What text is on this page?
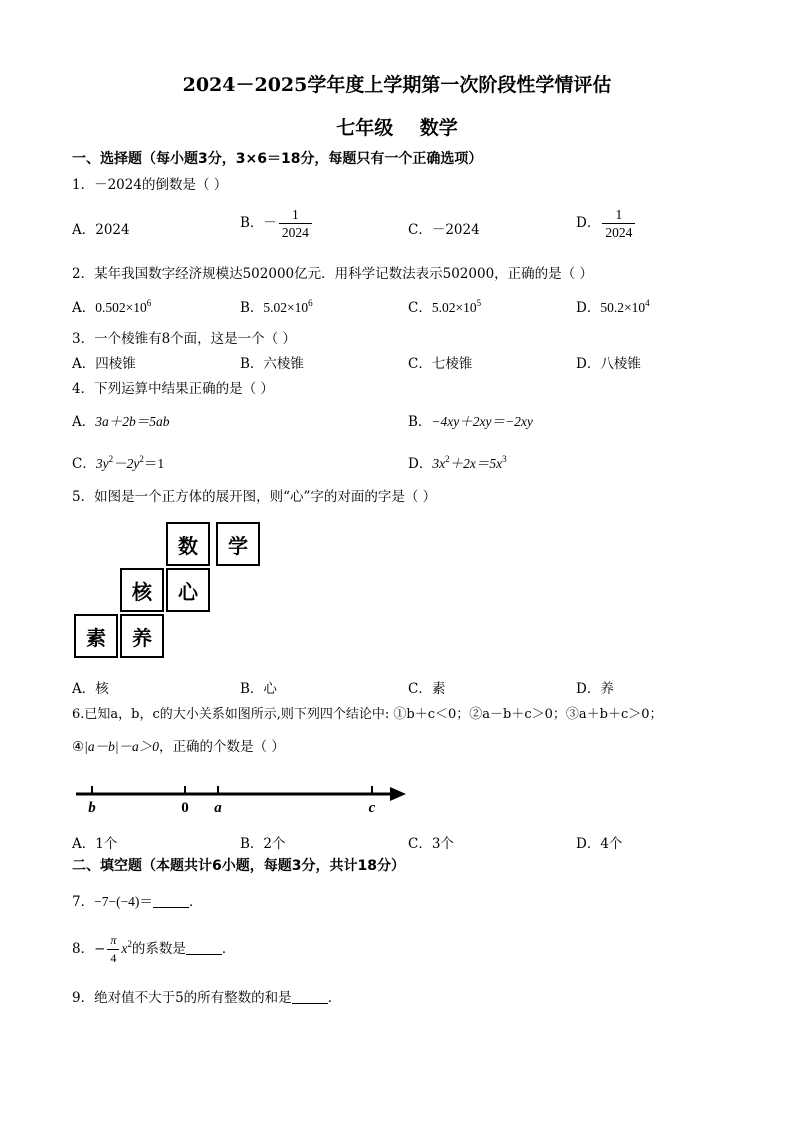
2024－2025学年度上学期第一次阶段性学情评估
七年级    数学
一、选择题（每小题3分，3×6＝18分，每题只有一个正确选项）
1．－2024的倒数是（ ）
A．2024	B．－ $\frac{1}{2024}$	C．－2024	D． $\frac{1}{2024}$
2．某年我国数字经济规模达502000亿元．用科学记数法表示502000，正确的是（ ）
A．$0.502\times 10^6$	B．$5.02\times 10^6$	C．$5.02\times 10^5$	D．$50.2\times 10^4$
3．一个棱锥有8个面，这是一个（ ）
A．四棱锥	B．六棱锥	C．七棱锥	D．八棱锥
4．下列运算中结果正确的是（ ）
A．3a＋2b＝5ab	B．−4xy＋2xy＝−2xy
C．$3y^2-2y^2=1$	D．$3x^2+2x=5x^3$
5．如图是一个正方体的展开图，则“心”字的对面的字是（ ）
数	学
核	心
素	养
A．核	B．心	C．素	D．养
6.已知a，b，c的大小关系如图所示,则下列四个结论中: ①b＋c＜0；②a－b＋c＞0；③a＋b＋c＞0；
④|a－b|－a＞0，正确的个数是（ ）
b	0 a	c
A．1个	B．2个	C．3个	D．4个
二、填空题（本题共计6小题，每题3分，共计18分）
7．−7−(−4)＝	．
8．− $\frac{\pi}{4} x^2$的系数是	．
9．绝对值不大于5的所有整数的和是	．
